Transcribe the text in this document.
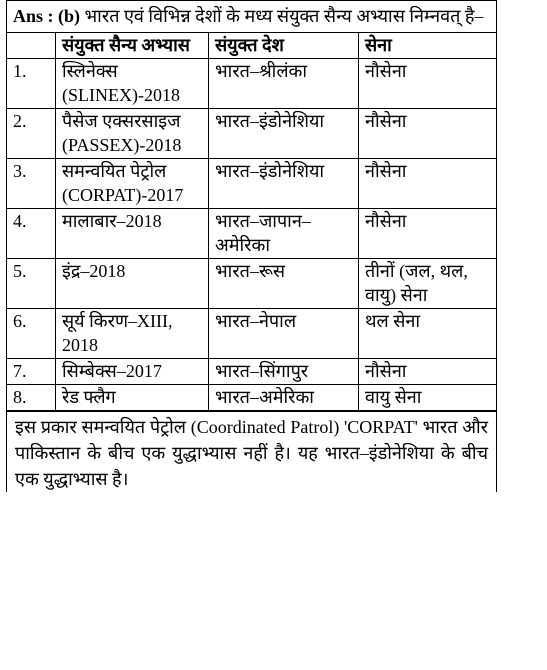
Ans : (b) भारत एवं विभिन्न देशों के मध्य संयुक्त सैन्य अभ्यास निम्नवत् है–
	संयुक्त सैन्य अभ्यास	संयुक्त देश	सेना
1.	स्लिनेक्स (SLINEX)-2018	भारत–श्रीलंका	नौसेना
2.	पैसेज एक्सरसाइज (PASSEX)-2018	भारत–इंडोनेशिया	नौसेना
3.	समन्वयित पेट्रोल (CORPAT)-2017	भारत–इंडोनेशिया	नौसेना
4.	मालाबार–2018	भारत–जापान–अमेरिका	नौसेना
5.	इंद्र–2018	भारत–रूस	तीनों (जल, थल, वायु) सेना
6.	सूर्य किरण–XIII, 2018	भारत–नेपाल	थल सेना
7.	सिम्बेक्स–2017	भारत–सिंगापुर	नौसेना
8.	रेड फ्लैग	भारत–अमेरिका	वायु सेना
इस प्रकार समन्वयित पेट्रोल (Coordinated Patrol) 'CORPAT' भारत और पाकिस्तान के बीच एक युद्धाभ्यास नहीं है। यह भारत–इंडोनेशिया के बीच एक युद्धाभ्यास है।
